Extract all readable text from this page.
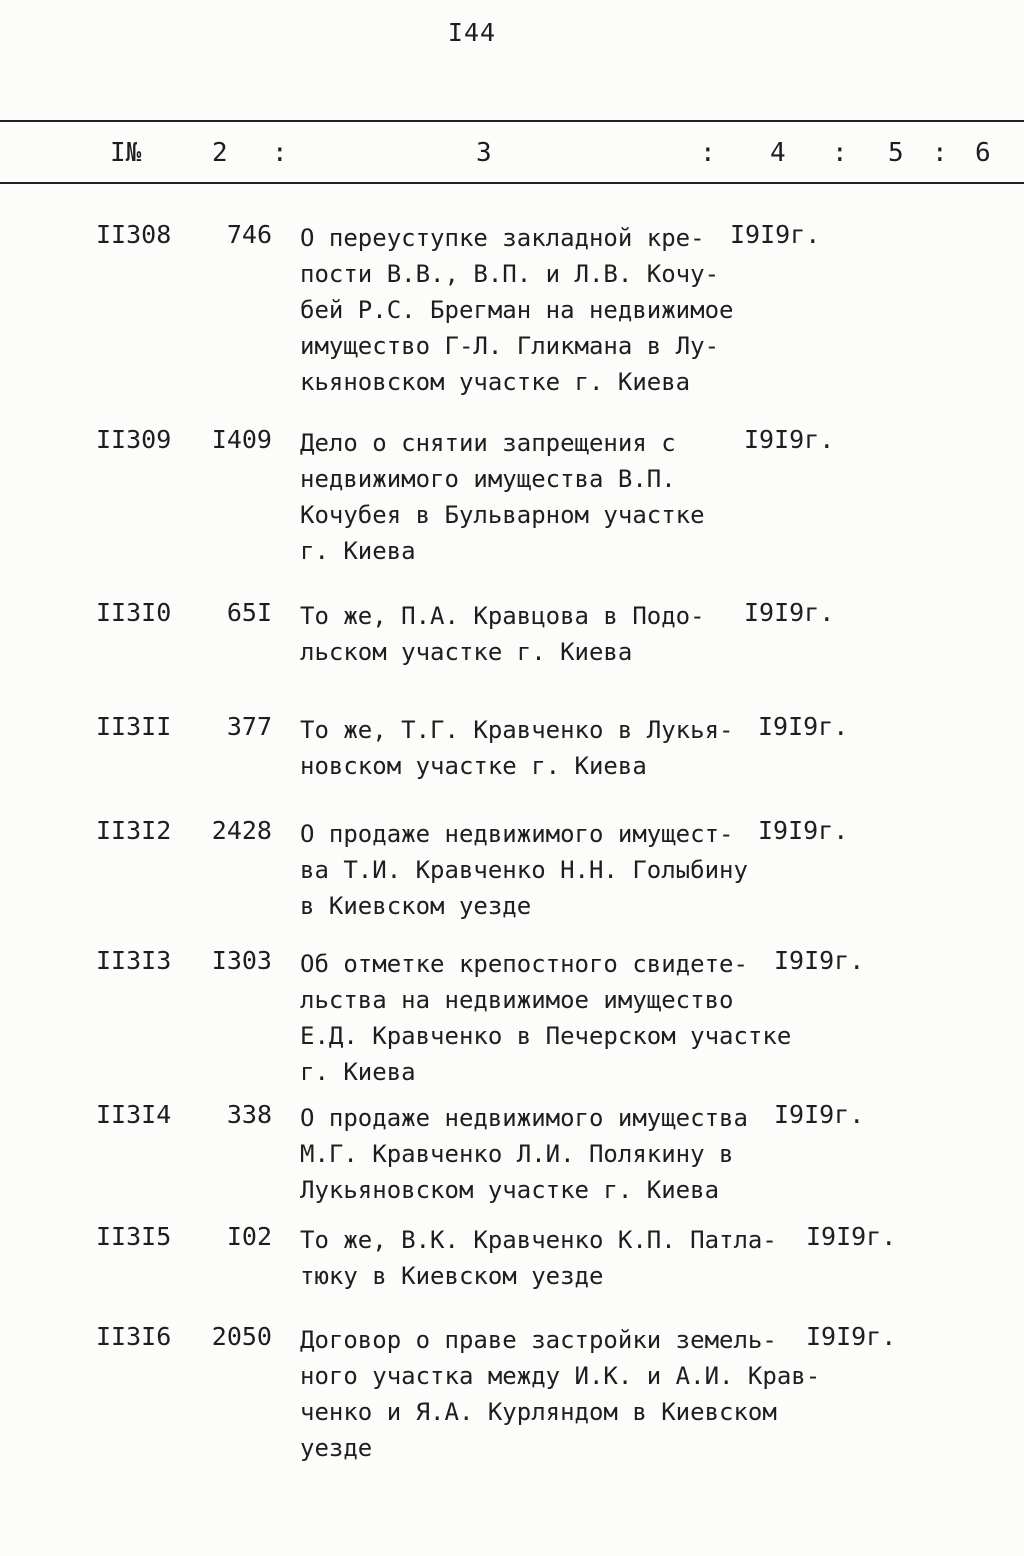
I44
I№	2 :	3	: 4 : 5 : 6
II308	746 О переуступке закладной кре-
пости В.В., В.П. и Л.В. Кочу-
бей Р.С. Брегман на недвижимое
имущество Г-Л. Гликмана в Лу-
кьяновском участке г. Киева
I9I9г.
II309	I409 Дело о снятии запрещения с
недвижимого имущества В.П.
Кочубея в Бульварном участке
г. Киева
I9I9г.
II3I0	65I То же, П.А. Кравцова в Подо-
льском участке г. Киева
I9I9г.
II3II	377 То же, Т.Г. Кравченко в Лукья-
новском участке г. Киева
I9I9г.
II3I2	2428 О продаже недвижимого имущест-
ва Т.И. Кравченко Н.Н. Голыбину
в Киевском уезде
I9I9г.
II3I3	I303 Об отметке крепостного свидете-
льства на недвижимое имущество
Е.Д. Кравченко в Печерском участке
г. Киева
I9I9г.
II3I4	338 О продаже недвижимого имущества
М.Г. Кравченко Л.И. Полякину в
Лукьяновском участке г. Киева
I9I9г.
II3I5	I02 То же, В.К. Кравченко К.П. Патла-
тюку в Киевском уезде
I9I9г.
II3I6	2050 Договор о праве застройки земель-
ного участка между И.К. и А.И. Крав-
ченко и Я.А. Курляндом в Киевском
уезде
I9I9г.
